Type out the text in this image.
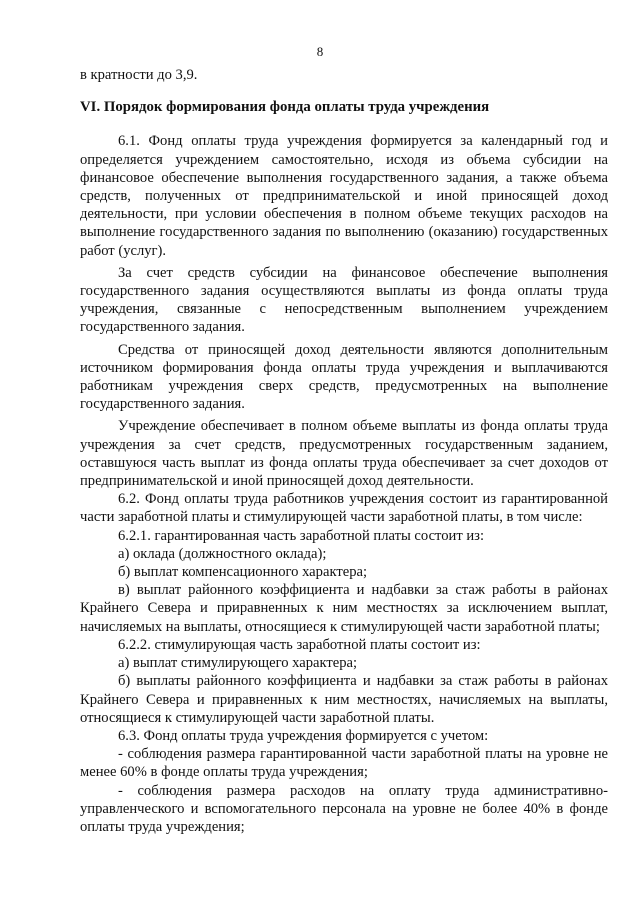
8

в кратности до 3,9.

VI. Порядок формирования фонда оплаты труда учреждения

6.1. Фонд оплаты труда учреждения формируется за календарный год и определяется учреждением самостоятельно, исходя из объема субсидии на финансовое обеспечение выполнения государственного задания, а также объема средств, полученных от предпринимательской и иной приносящей доход деятельности, при условии обеспечения в полном объеме текущих расходов на выполнение государственного задания по выполнению (оказанию) государственных работ (услуг).

За счет средств субсидии на финансовое обеспечение выполнения государственного задания осуществляются выплаты из фонда оплаты труда учреждения, связанные с непосредственным выполнением учреждением государственного задания.

Средства от приносящей доход деятельности являются дополнительным источником формирования фонда оплаты труда учреждения и выплачиваются работникам учреждения сверх средств, предусмотренных на выполнение государственного задания.

Учреждение обеспечивает в полном объеме выплаты из фонда оплаты труда учреждения за счет средств, предусмотренных государственным заданием, оставшуюся часть выплат из фонда оплаты труда обеспечивает за счет доходов от предпринимательской и иной приносящей доход деятельности.

6.2. Фонд оплаты труда работников учреждения состоит из гарантированной части заработной платы и стимулирующей части заработной платы, в том числе:

6.2.1. гарантированная часть заработной платы состоит из:

а) оклада (должностного оклада);

б) выплат компенсационного характера;

в) выплат районного коэффициента и надбавки за стаж работы в районах Крайнего Севера и приравненных к ним местностях за исключением выплат, начисляемых на выплаты, относящиеся к стимулирующей части заработной платы;

6.2.2. стимулирующая часть заработной платы состоит из:

а) выплат стимулирующего характера;

б) выплаты районного коэффициента и надбавки за стаж работы в районах Крайнего Севера и приравненных к ним местностях, начисляемых на выплаты, относящиеся к стимулирующей части заработной платы.

6.3. Фонд оплаты труда учреждения формируется с учетом:

- соблюдения размера гарантированной части заработной платы на уровне не менее 60% в фонде оплаты труда учреждения;

- соблюдения размера расходов на оплату труда административно-управленческого и вспомогательного персонала на уровне не более 40% в фонде оплаты труда учреждения;
